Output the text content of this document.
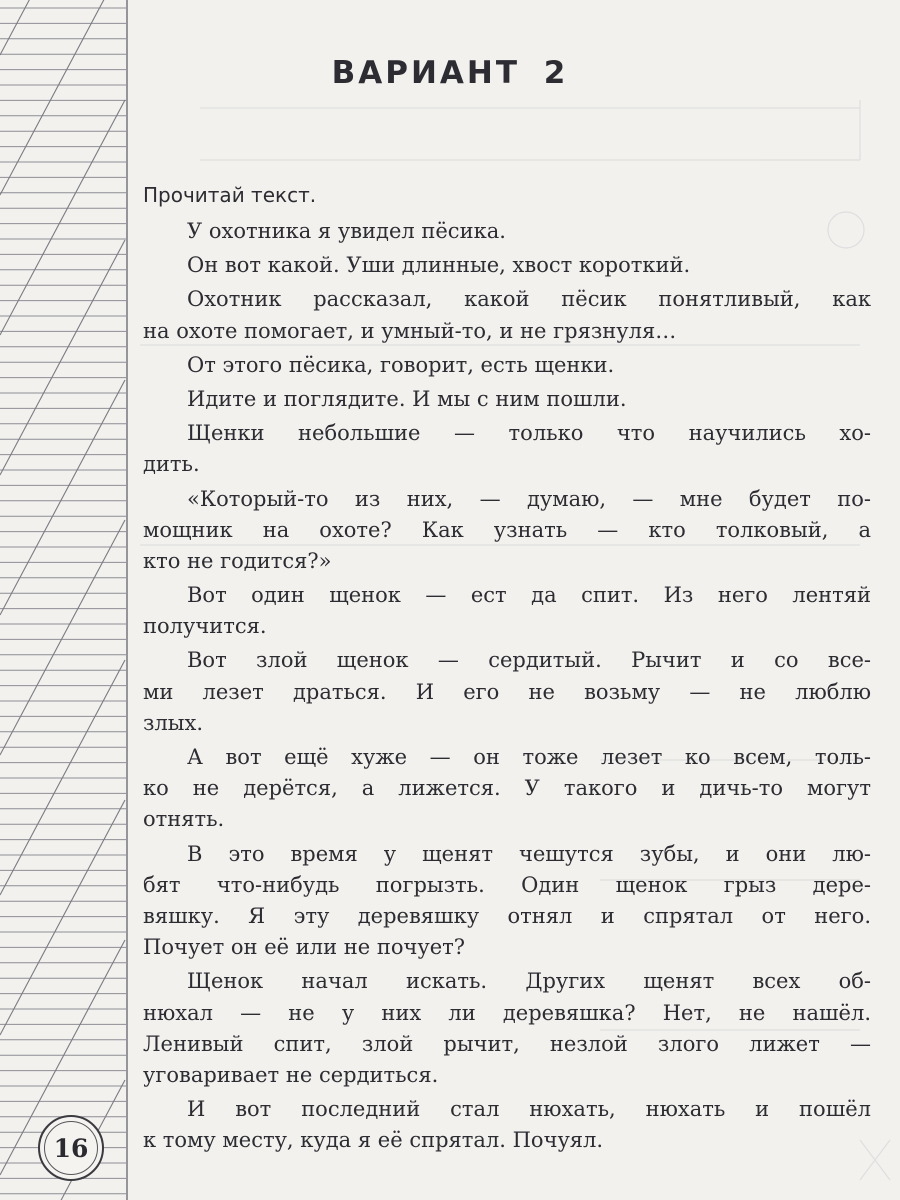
ВАРИАНТ 2
Прочитай текст.
У охотника я увидел пёсика.
Он вот какой. Уши длинные, хвост короткий.
Охотник рассказал, какой пёсик понятливый, как
на охоте помогает, и умный-то, и не грязнуля…
От этого пёсика, говорит, есть щенки.
Идите и поглядите. И мы с ним пошли.
Щенки небольшие — только что научились хо-
дить.
«Который-то из них, — думаю, — мне будет по-
мощник на охоте? Как узнать — кто толковый, а
кто не годится?»
Вот один щенок — ест да спит. Из него лентяй
получится.
Вот злой щенок — сердитый. Рычит и со все-
ми лезет драться. И его не возьму — не люблю
злых.
А вот ещё хуже — он тоже лезет ко всем, толь-
ко не дерётся, а лижется. У такого и дичь-то могут
отнять.
В это время у щенят чешутся зубы, и они лю-
бят что-нибудь погрызть. Один щенок грыз дере-
вяшку. Я эту деревяшку отнял и спрятал от него.
Почует он её или не почует?
Щенок начал искать. Других щенят всех об-
нюхал — не у них ли деревяшка? Нет, не нашёл.
Ленивый спит, злой рычит, незлой злого лижет —
уговаривает не сердиться.
И вот последний стал нюхать, нюхать и пошёл
к тому месту, куда я её спрятал. Почуял.
16
